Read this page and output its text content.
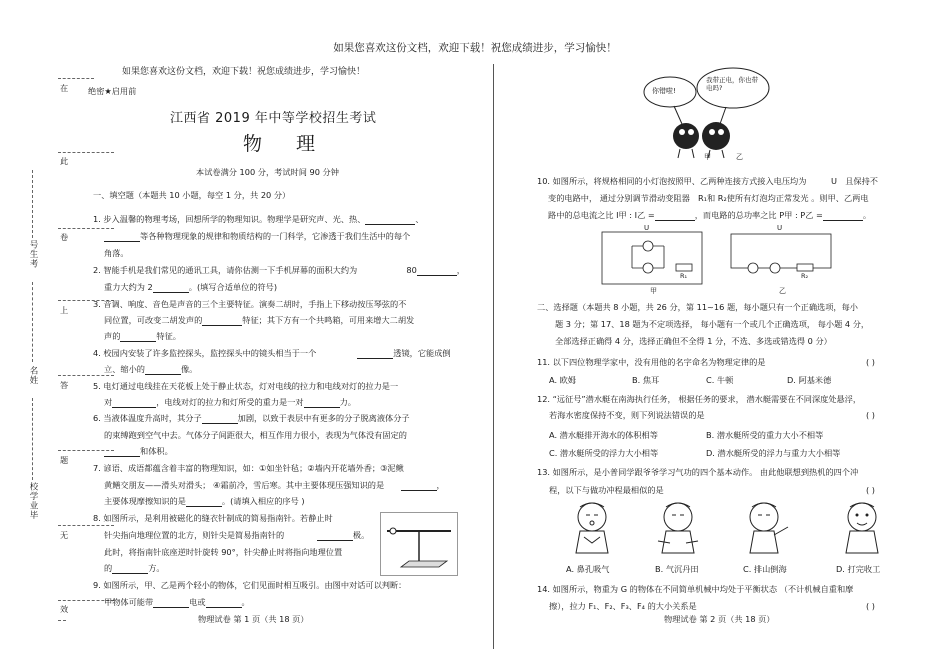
如果您喜欢这份文档，欢迎下载！祝您成绩进步，学习愉快！
在
此
卷
上
答
题
无
效
号生考
名姓
校学业毕
如果您喜欢这份文档，欢迎下载！祝您成绩进步，学习愉快！
绝密★启用前
江西省 2019 年中等学校招生考试
物 理
本试卷满分 100 分，考试时间 90 分钟
一、填空题（本题共 10 小题，每空 1 分，共 20 分）
1. 步入温馨的物理考场，回想所学的物理知识。物理学是研究声、光、热、	、
等各种物理现象的规律和物质结构的一门科学，它渗透于我们生活中的每个
角落。
2. 智能手机是我们常见的通讯工具，请你估测一下手机屏幕的面积大约为　　　　　　	80	，
重力大约为 2	。(填写合适单位的符号)
3. 音调、响度、音色是声音的三个主要特征。演奏二胡时，手指上下移动按压琴弦的不
同位置，可改变二胡发声的	特征；其下方有一个共鸣箱，可用来增大二胡发
声的	特征。
4. 校园内安装了许多监控探头，监控探头中的镜头相当于一个　　　　　	透镜，它能成倒
立、缩小的	像。
5. 电灯通过电线挂在天花板上处于静止状态，灯对电线的拉力和电线对灯的拉力是一
对	，电线对灯的拉力和灯所受的重力是一对	力。
6. 当液体温度升高时，其分子	加剧，以致于表层中有更多的分子脱离液体分子
的束缚跑到空气中去。气体分子间距很大，相互作用力很小，表现为气体没有固定的
和体积。
7. 谚语、成语都蕴含着丰富的物理知识，如：①如坐针毡；②墙内开花墙外香；③泥鳅
黄鳝交朋友——滑头对滑头； ④霜前冷，雪后寒。其中主要体现压强知识的是　　	，
主要体现摩擦知识的是	。(请填入相应的序号 )
8. 如图所示，是利用被磁化的缝衣针制成的简易指南针。若静止时
针尖指向地理位置的北方，则针尖是简易指南针的　　　　	极。
此时，将指南针底座逆时针旋转 90°，针尖静止时将指向地理位置
的	方。
9. 如图所示，甲、乙是两个轻小的物体，它们见面时相互吸引。由图中对话可以判断：
甲物体可能带	电或	。
物理试卷 第 1 页（共 18 页）
你错啦!
我带正电，你也带电吗?
甲	乙
10. 如图所示，将规格相同的小灯泡按照甲、乙两种连接方式接入电压均为　　　	U　 且保持不
变的电路中， 通过分别调节滑动变阻器　 R₁和 R₂使所有灯泡均正常发光 。则甲、乙两电
路中的总电流之比 I甲 : I乙 =	，而电路的总功率之比 P甲 : P乙 =	。
U
R₁
甲
U
R₂
乙
二、选择题（本题共 8 小题，共 26 分，第 11~16 题，每小题只有一个正确选项，每小
题 3 分；第 17、18 题为不定项选择， 每小题有一个或几个正确选项， 每小题 4 分，
全部选择正确得 4 分，选择正确但不全得 1 分，不选、多选或错选得 0 分）
11. 以下四位物理学家中，没有用他的名字命名为物理定律的是	( )
A. 欧姆	B. 焦耳	C. 牛顿	D. 阿基米德
12. “远征号”潜水艇在南海执行任务， 根据任务的要求， 潜水艇需要在不同深度处悬浮，
若海水密度保持不变，则下列说法错误的是	( )
A. 潜水艇排开海水的体积相等	B. 潜水艇所受的重力大小不相等
C. 潜水艇所受的浮力大小相等	D. 潜水艇所受的浮力与重力大小相等
13. 如图所示，是小普同学跟爷爷学习气功的四个基本动作。 由此他联想到热机的四个冲
程，以下与做功冲程最相似的是	( )
A. 鼻孔吸气	B. 气沉丹田	C. 排山倒海	D. 打完收工
14. 如图所示，物重为 G 的物体在不同简单机械中均处于平衡状态 （不计机械自重和摩
擦），拉力 F₁、F₂、F₃、F₄ 的大小关系是	( )
物理试卷 第 2 页（共 18 页）
